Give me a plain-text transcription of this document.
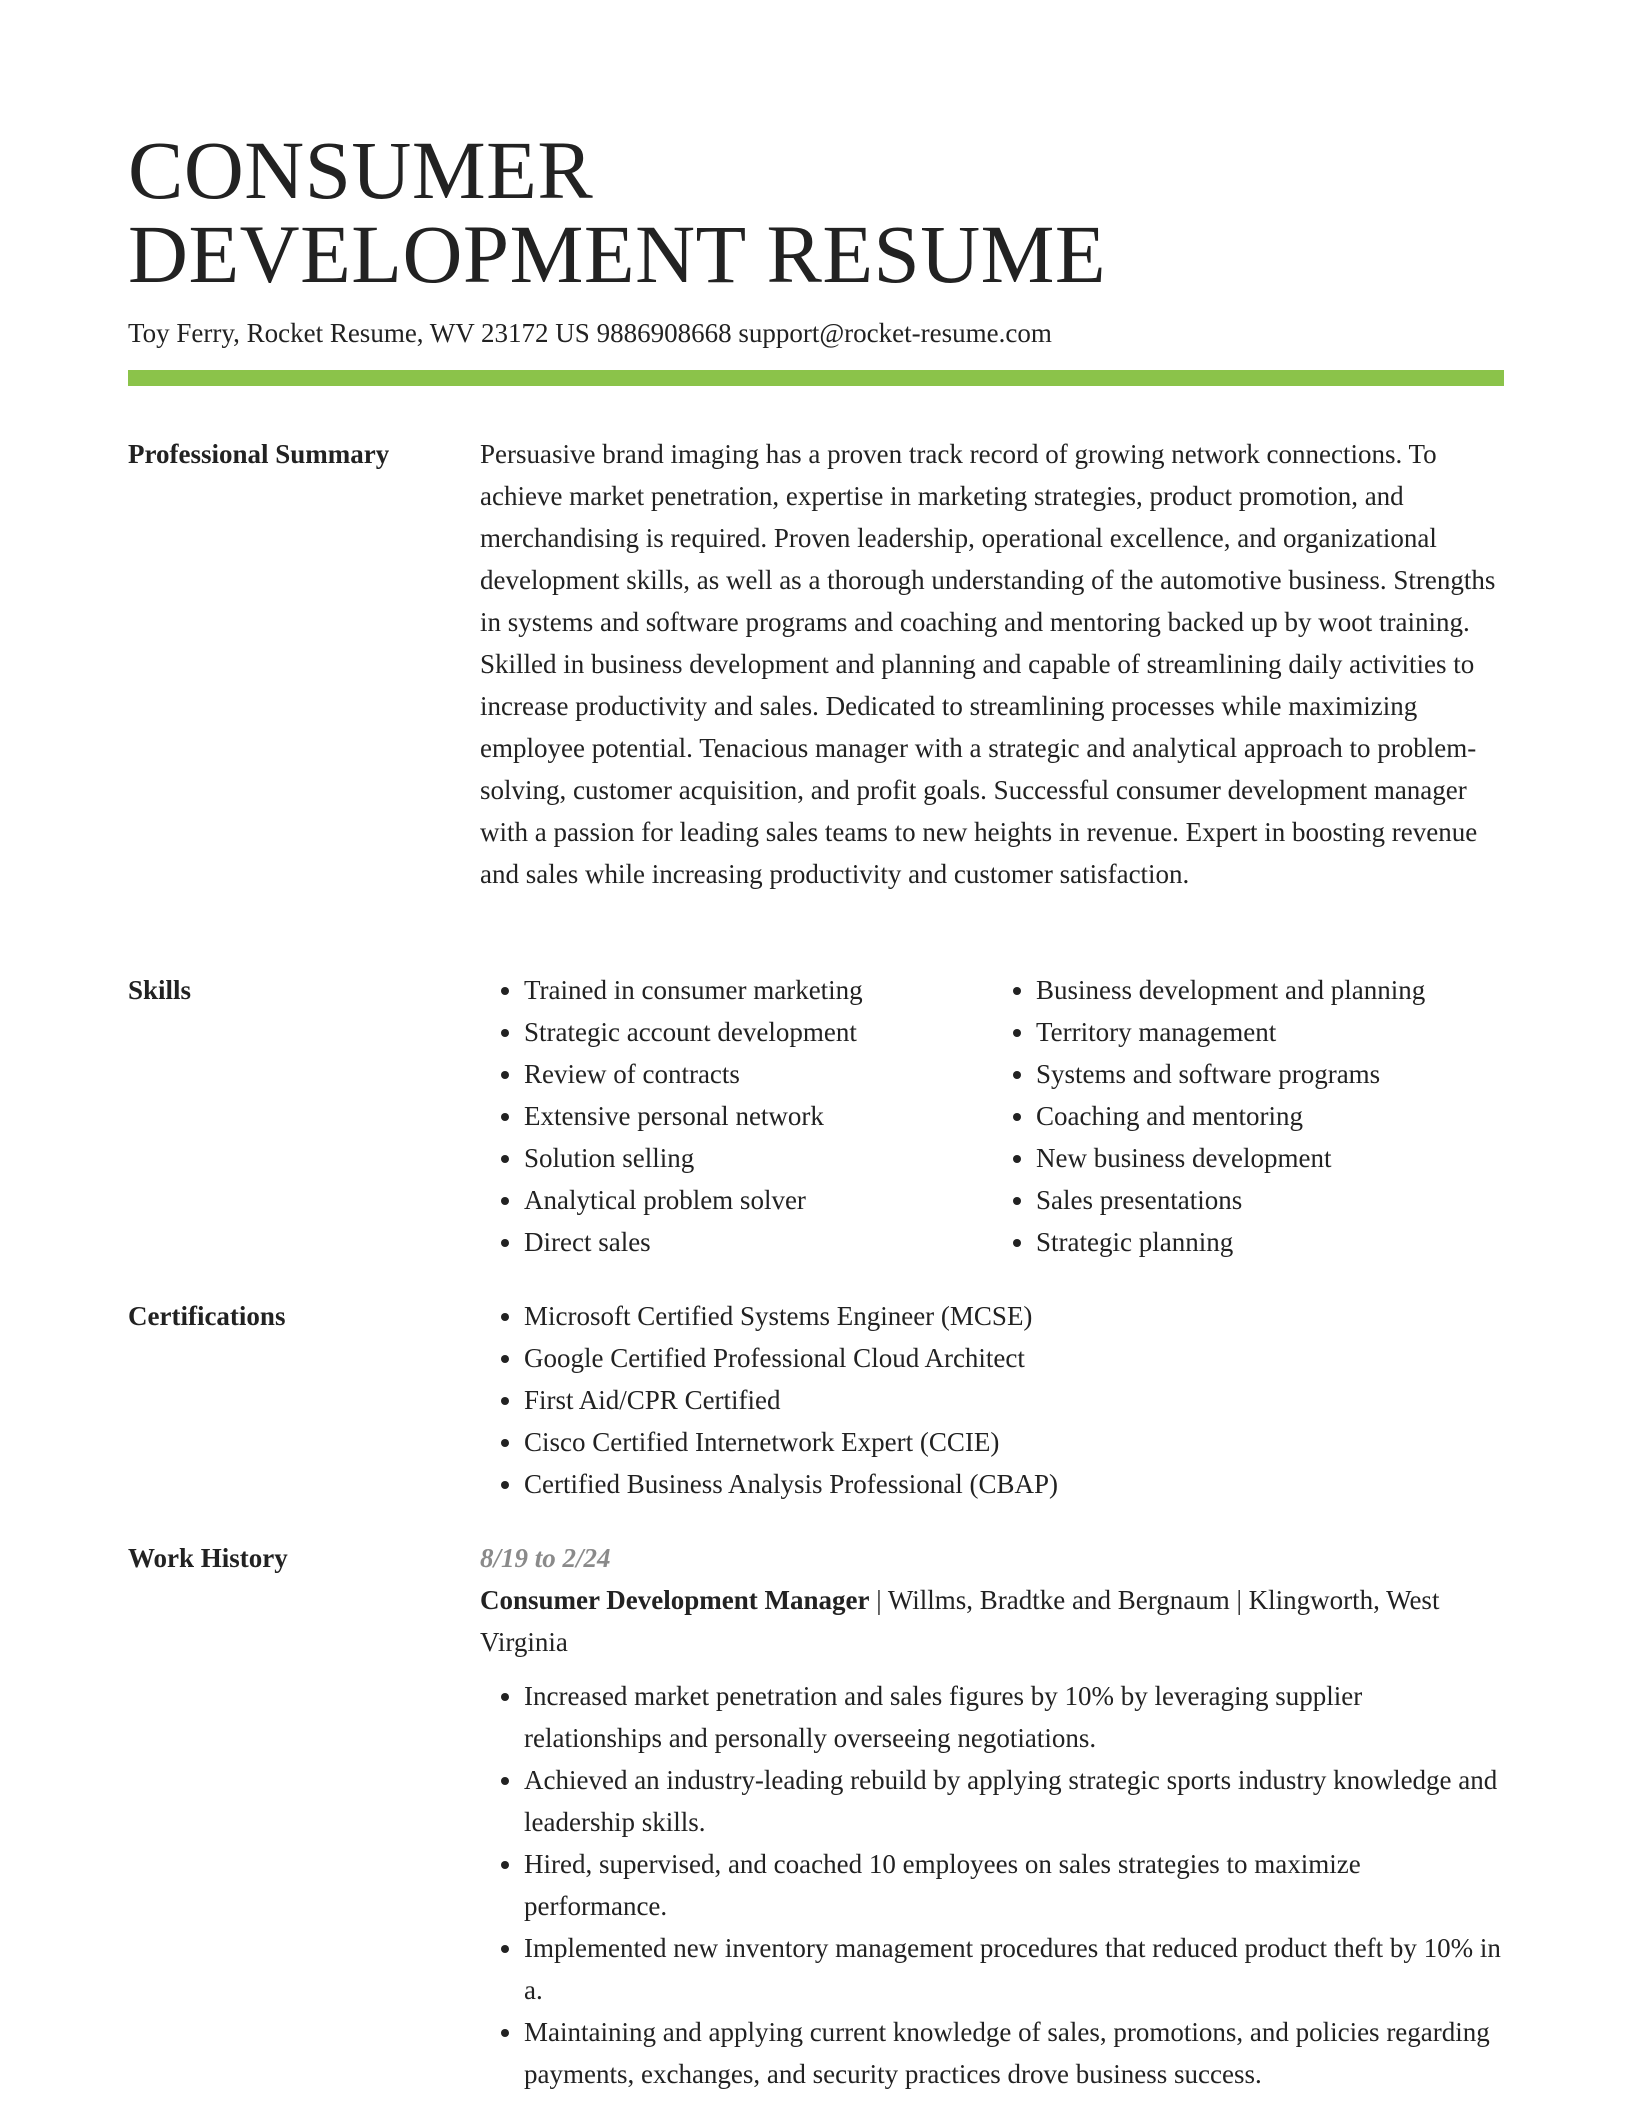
CONSUMER
DEVELOPMENT RESUME
Toy Ferry, Rocket Resume, WV 23172 US 9886908668 support@rocket-resume.com
Professional Summary	Persuasive brand imaging has a proven track record of growing network connections. To achieve market penetration, expertise in marketing strategies, product promotion, and merchandising is required. Proven leadership, operational excellence, and organizational development skills, as well as a thorough understanding of the automotive business. Strengths in systems and software programs and coaching and mentoring backed up by woot training. Skilled in business development and planning and capable of streamlining daily activities to increase productivity and sales. Dedicated to streamlining processes while maximizing employee potential. Tenacious manager with a strategic and analytical approach to problem-solving, customer acquisition, and profit goals. Successful consumer development manager with a passion for leading sales teams to new heights in revenue. Expert in boosting revenue and sales while increasing productivity and customer satisfaction.

Skills	• Trained in consumer marketing
• Strategic account development
• Review of contracts
• Extensive personal network
• Solution selling
• Analytical problem solver
• Direct sales
• Business development and planning
• Territory management
• Systems and software programs
• Coaching and mentoring
• New business development
• Sales presentations
• Strategic planning
Certifications	• Microsoft Certified Systems Engineer (MCSE)
• Google Certified Professional Cloud Architect
• First Aid/CPR Certified
• Cisco Certified Internetwork Expert (CCIE)
• Certified Business Analysis Professional (CBAP)
Work History	8/19 to 2/24
Consumer Development Manager | Willms, Bradtke and Bergnaum | Klingworth, West Virginia
• Increased market penetration and sales figures by 10% by leveraging supplier relationships and personally overseeing negotiations.
• Achieved an industry-leading rebuild by applying strategic sports industry knowledge and leadership skills.
• Hired, supervised, and coached 10 employees on sales strategies to maximize performance.
• Implemented new inventory management procedures that reduced product theft by 10% in a.
• Maintaining and applying current knowledge of sales, promotions, and policies regarding payments, exchanges, and security practices drove business success.
